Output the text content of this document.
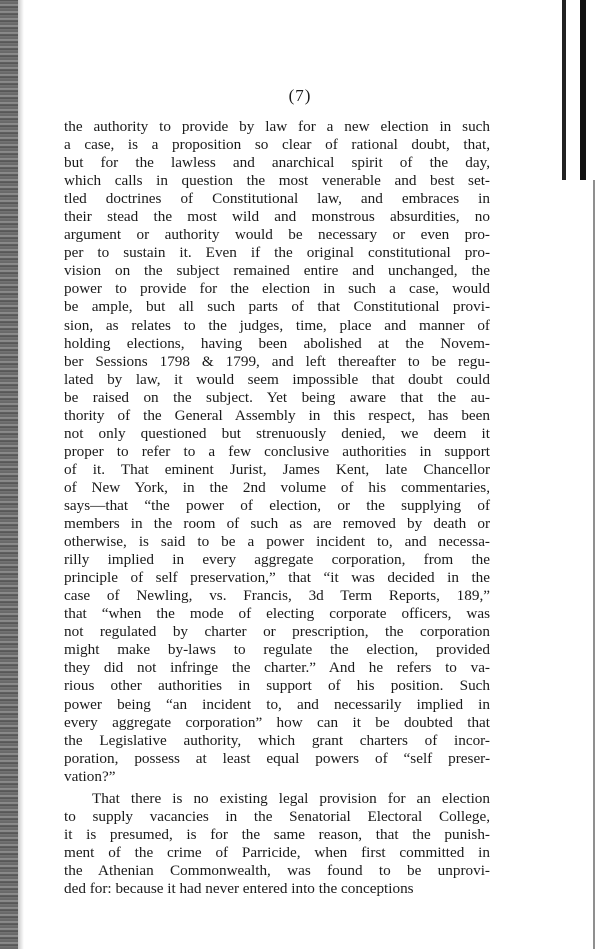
(7)
the authority to provide by law for a new election in such
a case, is a proposition so clear of rational doubt, that,
but for the lawless and anarchical spirit of the day,
which calls in question the most venerable and best set-
tled doctrines of Constitutional law, and embraces in
their stead the most wild and monstrous absurdities, no
argument or authority would be necessary or even pro-
per to sustain it. Even if the original constitutional pro-
vision on the subject remained entire and unchanged, the
power to provide for the election in such a case, would
be ample, but all such parts of that Constitutional provi-
sion, as relates to the judges, time, place and manner of
holding elections, having been abolished at the Novem-
ber Sessions 1798 & 1799, and left thereafter to be regu-
lated by law, it would seem impossible that doubt could
be raised on the subject. Yet being aware that the au-
thority of the General Assembly in this respect, has been
not only questioned but strenuously denied, we deem it
proper to refer to a few conclusive authorities in support
of it. That eminent Jurist, James Kent, late Chancellor
of New York, in the 2nd volume of his commentaries,
says—that “the power of election, or the supplying of
members in the room of such as are removed by death or
otherwise, is said to be a power incident to, and necessa-
rilly implied in every aggregate corporation, from the
principle of self preservation,” that “it was decided in the
case of Newling, vs. Francis, 3d Term Reports, 189,”
that “when the mode of electing corporate officers, was
not regulated by charter or prescription, the corporation
might make by-laws to regulate the election, provided
they did not infringe the charter.” And he refers to va-
rious other authorities in support of his position. Such
power being “an incident to, and necessarily implied in
every aggregate corporation” how can it be doubted that
the Legislative authority, which grant charters of incor-
poration, possess at least equal powers of “self preser-
vation?”
That there is no existing legal provision for an election
to supply vacancies in the Senatorial Electoral College,
it is presumed, is for the same reason, that the punish-
ment of the crime of Parricide, when first committed in
the Athenian Commonwealth, was found to be unprovi-
ded for: because it had never entered into the conceptions
